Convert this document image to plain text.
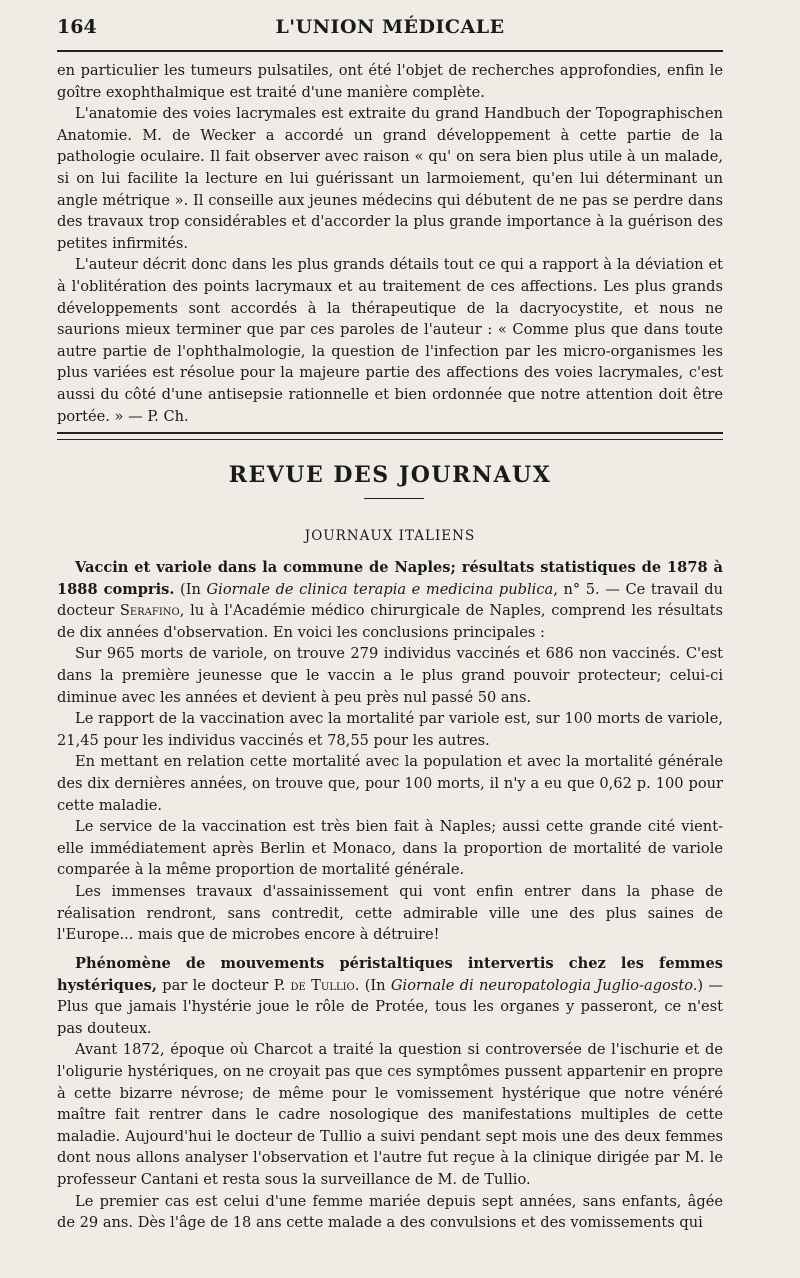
164	L'UNION MÉDICALE

en particulier les tumeurs pulsatiles, ont été l'objet de recherches approfondies, enfin le goître exophthalmique est traité d'une manière complète.

L'anatomie des voies lacrymales est extraite du grand Handbuch der Topographischen Anatomie. M. de Wecker a accordé un grand développement à cette partie de la pathologie oculaire. Il fait observer avec raison « qu' on sera bien plus utile à un malade, si on lui facilite la lecture en lui guérissant un larmoiement, qu'en lui déterminant un angle métrique ». Il conseille aux jeunes médecins qui débutent de ne pas se perdre dans des travaux trop considérables et d'accorder la plus grande importance à la guérison des petites infirmités.

L'auteur décrit donc dans les plus grands détails tout ce qui a rapport à la déviation et à l'oblitération des points lacrymaux et au traitement de ces affections. Les plus grands développements sont accordés à la thérapeutique de la dacryocystite, et nous ne saurions mieux terminer que par ces paroles de l'auteur : « Comme plus que dans toute autre partie de l'ophthalmologie, la question de l'infection par les micro-organismes les plus variées est résolue pour la majeure partie des affections des voies lacrymales, c'est aussi du côté d'une antisepsie rationnelle et bien ordonnée que notre attention doit être portée. » — P. Ch.

REVUE DES JOURNAUX
JOURNAUX ITALIENS

Vaccin et variole dans la commune de Naples; résultats statistiques de 1878 à 1888 compris. (In Giornale de clinica terapia e medicina publica, n° 5. — Ce travail du docteur Serafino, lu à l'Académie médico chirurgicale de Naples, comprend les résultats de dix années d'observation. En voici les conclusions principales :

Sur 965 morts de variole, on trouve 279 individus vaccinés et 686 non vaccinés. C'est dans la première jeunesse que le vaccin a le plus grand pouvoir protecteur; celui-ci diminue avec les années et devient à peu près nul passé 50 ans.

Le rapport de la vaccination avec la mortalité par variole est, sur 100 morts de variole, 21,45 pour les individus vaccinés et 78,55 pour les autres.

En mettant en relation cette mortalité avec la population et avec la mortalité générale des dix dernières années, on trouve que, pour 100 morts, il n'y a eu que 0,62 p. 100 pour cette maladie.

Le service de la vaccination est très bien fait à Naples; aussi cette grande cité vient-elle immédiatement après Berlin et Monaco, dans la proportion de mortalité de variole comparée à la même proportion de mortalité générale.

Les immenses travaux d'assainissement qui vont enfin entrer dans la phase de réalisation rendront, sans contredit, cette admirable ville une des plus saines de l'Europe... mais que de microbes encore à détruire!

Phénomène de mouvements péristaltiques intervertis chez les femmes hystériques, par le docteur P. de Tullio. (In Giornale di neuropatologia Juglio-agosto.) — Plus que jamais l'hystérie joue le rôle de Protée, tous les organes y passeront, ce n'est pas douteux.

Avant 1872, époque où Charcot a traité la question si controversée de l'ischurie et de l'oligurie hystériques, on ne croyait pas que ces symptômes pussent appartenir en propre à cette bizarre névrose; de même pour le vomissement hystérique que notre vénéré maître fait rentrer dans le cadre nosologique des manifestations multiples de cette maladie. Aujourd'hui le docteur de Tullio a suivi pendant sept mois une des deux femmes dont nous allons analyser l'observation et l'autre fut reçue à la clinique dirigée par M. le professeur Cantani et resta sous la surveillance de M. de Tullio.

Le premier cas est celui d'une femme mariée depuis sept années, sans enfants, âgée de 29 ans. Dès l'âge de 18 ans cette malade a des convulsions et des vomissements qui
